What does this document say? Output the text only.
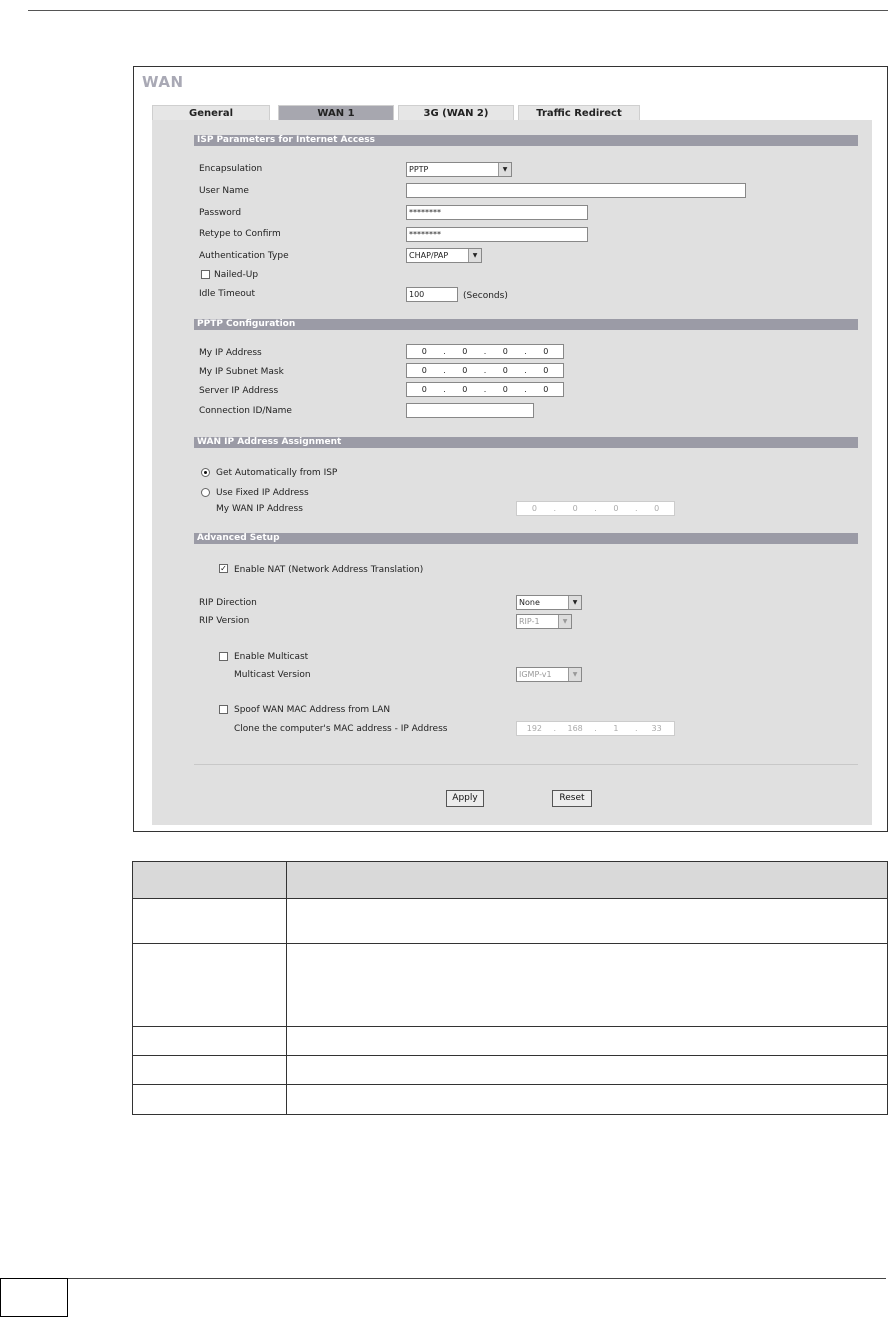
WAN
General	WAN 1	3G (WAN 2)	Traffic Redirect
ISP Parameters for Internet Access
Encapsulation	PPTP	▼
User Name
Password	********
Retype to Confirm	********
Authentication Type	CHAP/PAP	▼
Nailed-Up
Idle Timeout	100	(Seconds)
PPTP Configuration
My IP Address	0	.	0	.	0	.	0
My IP Subnet Mask	0	.	0	.	0	.	0
Server IP Address	0	.	0	.	0	.	0
Connection ID/Name
WAN IP Address Assignment
Get Automatically from ISP
Use Fixed IP Address
My WAN IP Address	0	.	0	.	0	.	0
Advanced Setup
✓ Enable NAT (Network Address Translation)
RIP Direction	None	▼
RIP Version	RIP-1	▼
Enable Multicast
Multicast Version	IGMP-v1	▼
Spoof WAN MAC Address from LAN
Clone the computer's MAC address - IP Address	192	.	168	.	1	.	33
Apply	Reset
